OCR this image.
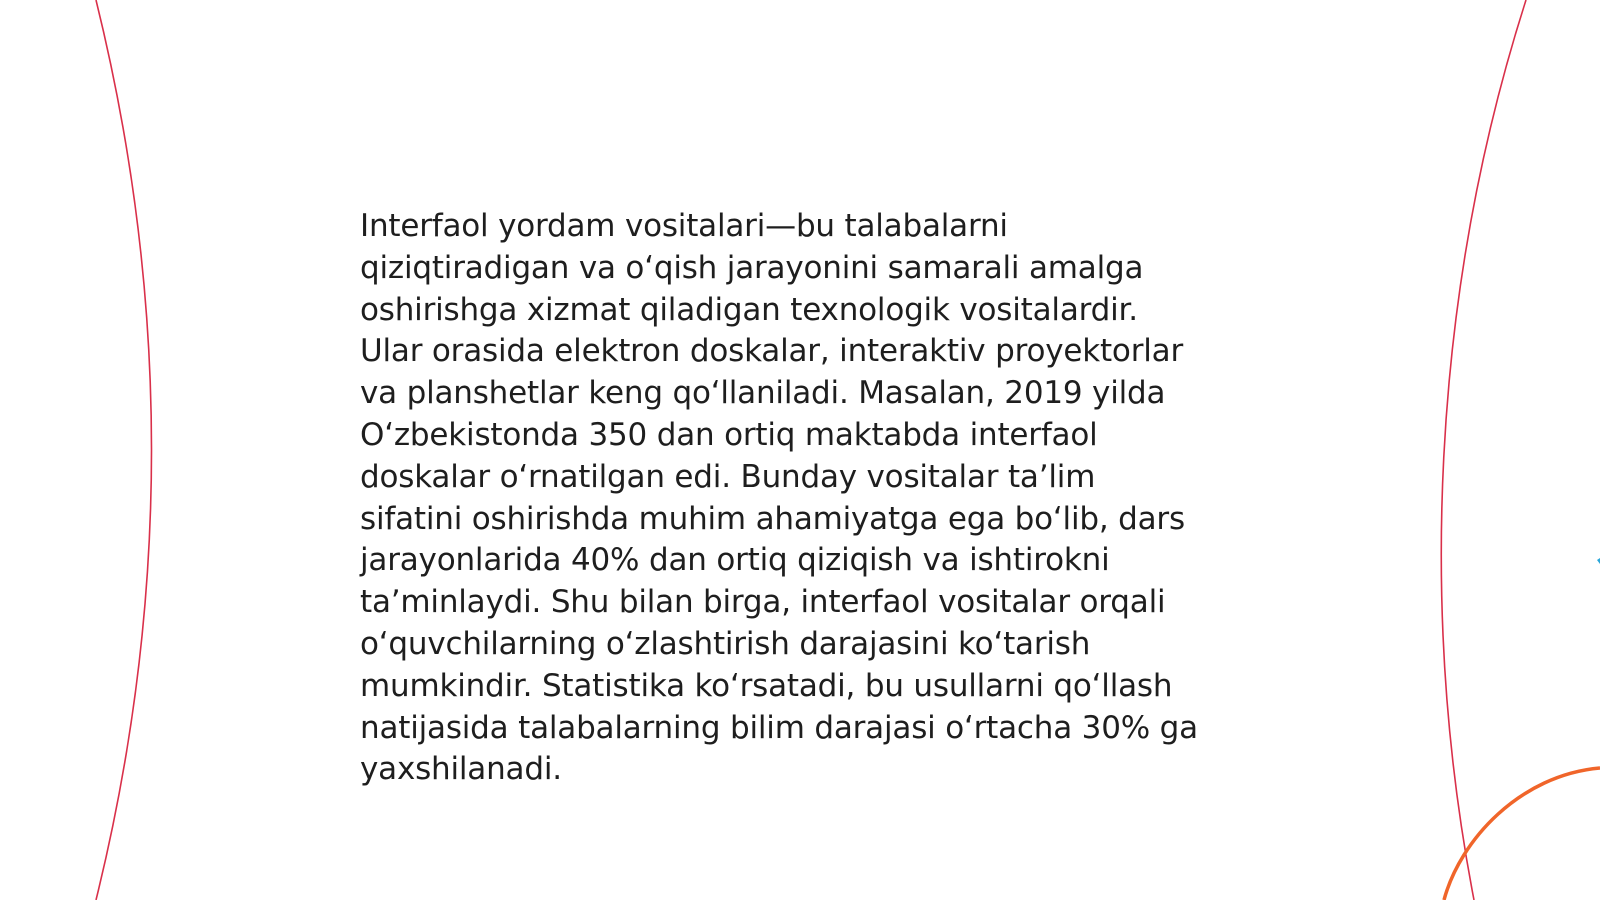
Interfaol yordam vositalari—bu talabalarni
qiziqtiradigan va o‘qish jarayonini samarali amalga
oshirishga xizmat qiladigan texnologik vositalardir.
Ular orasida elektron doskalar, interaktiv proyektorlar
va planshetlar keng qo‘llaniladi. Masalan, 2019 yilda
O‘zbekistonda 350 dan ortiq maktabda interfaol
doskalar o‘rnatilgan edi. Bunday vositalar ta’lim
sifatini oshirishda muhim ahamiyatga ega bo‘lib, dars
jarayonlarida 40% dan ortiq qiziqish va ishtirokni
ta’minlaydi. Shu bilan birga, interfaol vositalar orqali
o‘quvchilarning o‘zlashtirish darajasini ko‘tarish
mumkindir. Statistika ko‘rsatadi, bu usullarni qo‘llash
natijasida talabalarning bilim darajasi o‘rtacha 30% ga
yaxshilanadi.
